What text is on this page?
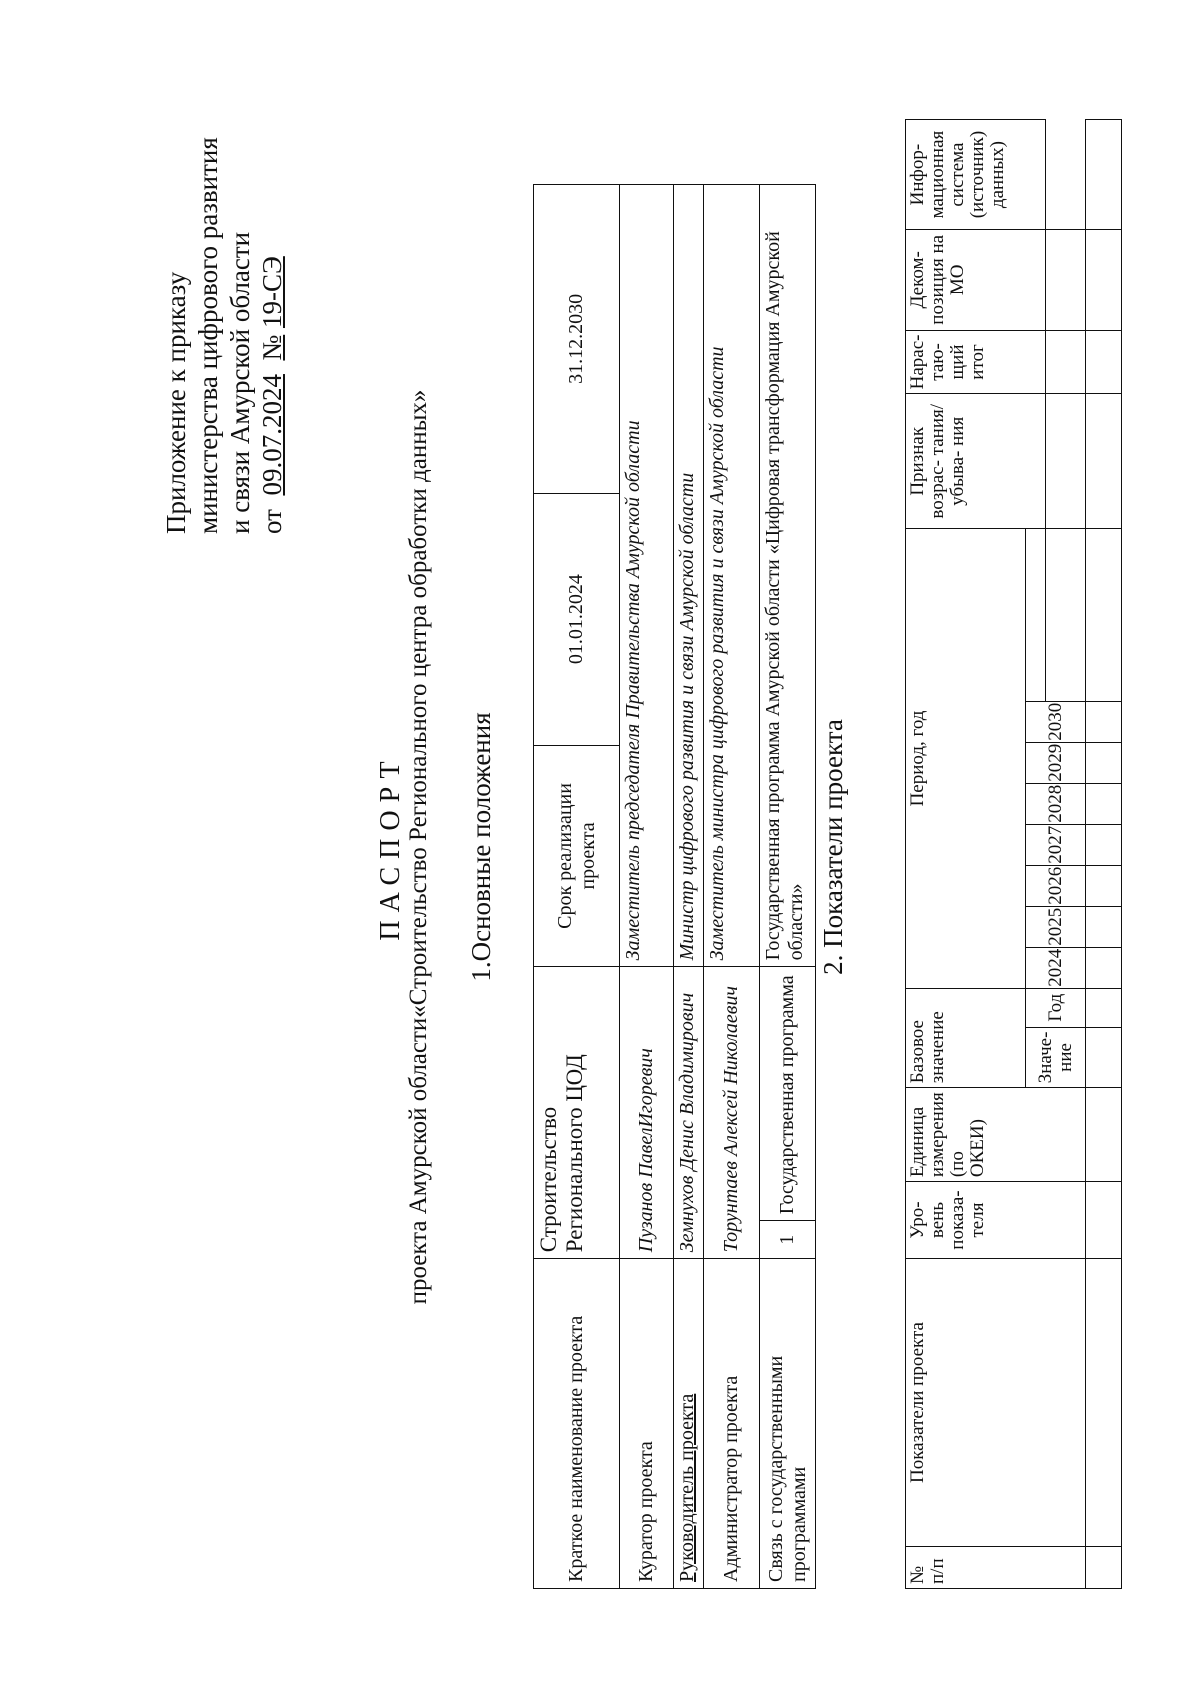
Приложение к приказу министерства цифрового развития и связи Амурской области от  09.07.2024  № 19-СЭ
ПАСПОРТ проекта Амурской области«Строительство Регионального центра обработки данных» 1.Основные положения
Краткое наименование проекта	Строительство Регионального ЦОД		Срок реализации проекта	01.01.2024	31.12.2030
Куратор проекта	Пузанов ПавелИгоревич		Заместитель председателя Правительства Амурской области		
Руководитель проекта	Земнухов Денис Владимирович		Министр цифрового развития и связи Амурской области		
Администратор проекта	Торунтаев Алексей Николаевич		Заместитель министра цифрового развития и связи Амурской области		
Связь с государственными программами	1	Государственная программа	Государственная программа Амурской области «Цифровая трансформация Амурской области»		2. Показатели проекта
№ п/п	Показатели проекта	Уро- вень показа- теля	Единица измерения (по ОКЕИ)	Базовое значение		Период, год								Признак возрас- тания/убыва- ния	Нарас- таю- щий итог	Деком- позиция на МО	Инфор- мационная система (источник) данных)
				Значе- ние	Год	2024	2025	2026	2027	2028	2029	2030					
